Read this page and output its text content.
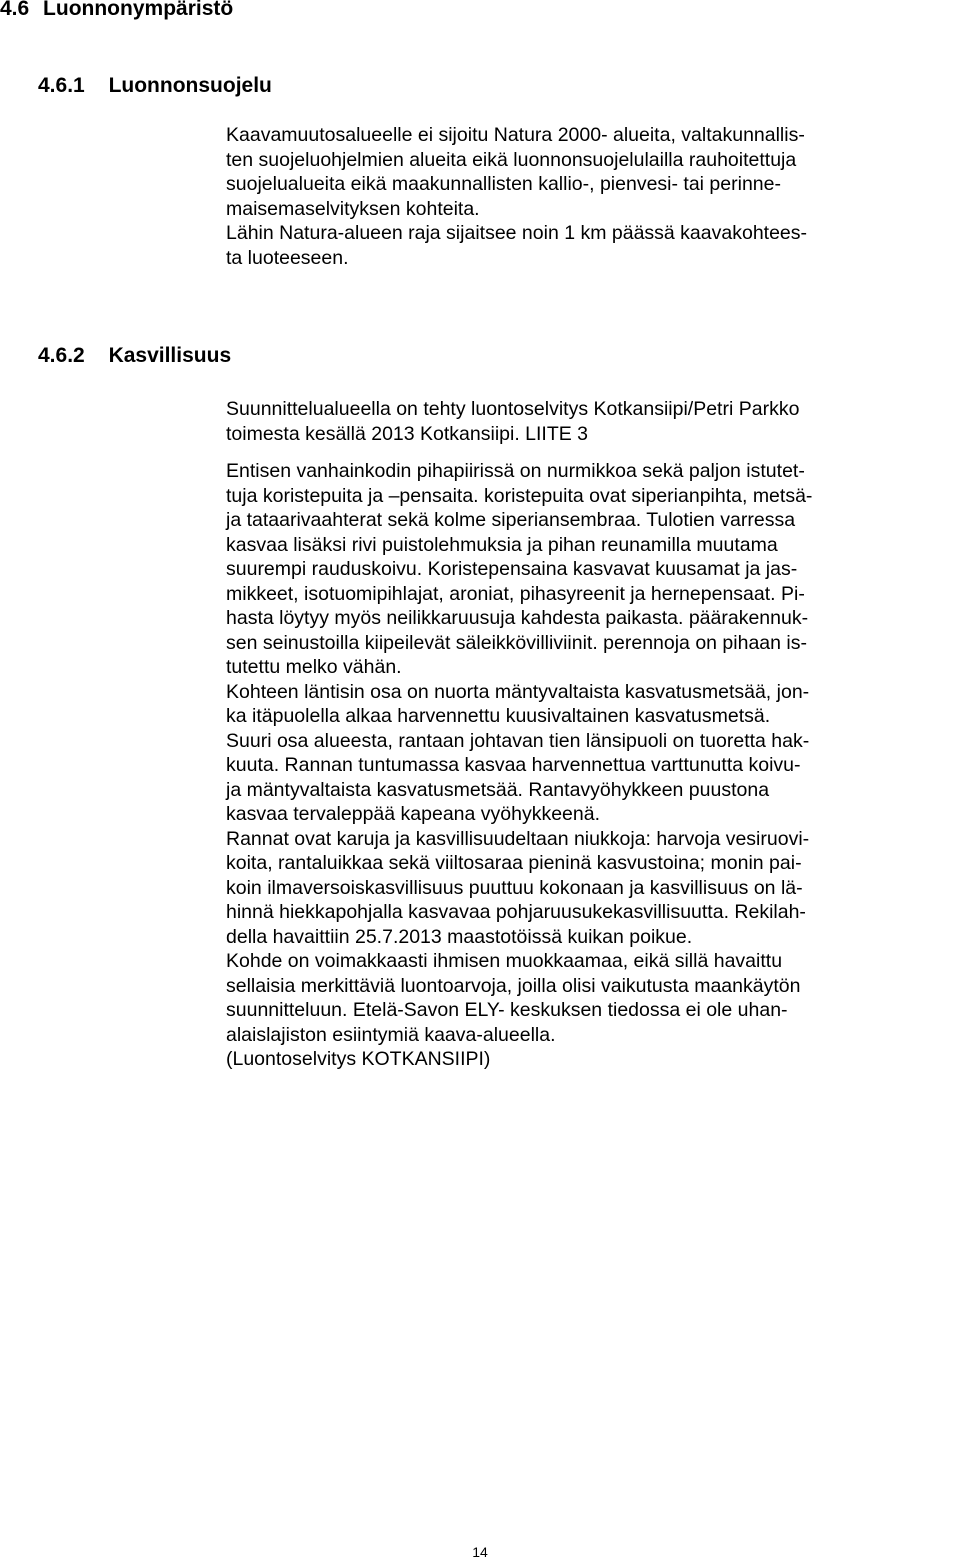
4.6 Luonnonympäristö
4.6.1 Luonnonsuojelu
Kaavamuutosalueelle ei sijoitu Natura 2000- alueita, valtakunnallis-
ten suojeluohjelmien alueita eikä luonnonsuojelulailla rauhoitettuja
suojelualueita eikä maakunnallisten kallio-, pienvesi- tai perinne-
maisemaselvityksen kohteita.
Lähin Natura-alueen raja sijaitsee noin 1 km päässä kaavakohtees-
ta luoteeseen.
4.6.2 Kasvillisuus
Suunnittelualueella on tehty luontoselvitys Kotkansiipi/Petri Parkko
toimesta kesällä 2013 Kotkansiipi. LIITE 3
Entisen vanhainkodin pihapiirissä on nurmikkoa sekä paljon istutet-
tuja koristepuita ja –pensaita. koristepuita ovat siperianpihta, metsä-
ja tataarivaahterat sekä kolme siperiansembraa. Tulotien varressa
kasvaa lisäksi rivi puistolehmuksia ja pihan reunamilla muutama
suurempi rauduskoivu. Koristepensaina kasvavat kuusamat ja jas-
mikkeet, isotuomipihlajat, aroniat, pihasyreenit ja hernepensaat. Pi-
hasta löytyy myös neilikkaruusuja kahdesta paikasta. päärakennuk-
sen seinustoilla kiipeilevät säleikkövilliviinit. perennoja on pihaan is-
tutettu melko vähän.
Kohteen läntisin osa on nuorta mäntyvaltaista kasvatusmetsää, jon-
ka itäpuolella alkaa harvennettu kuusivaltainen kasvatusmetsä.
Suuri osa alueesta, rantaan johtavan tien länsipuoli on tuoretta hak-
kuuta. Rannan tuntumassa kasvaa harvennettua varttunutta koivu-
ja mäntyvaltaista kasvatusmetsää. Rantavyöhykkeen puustona
kasvaa tervaleppää kapeana vyöhykkeenä.
Rannat ovat karuja ja kasvillisuudeltaan niukkoja: harvoja vesiruovi-
koita, rantaluikkaa sekä viiltosaraa pieninä kasvustoina; monin pai-
koin ilmaversoiskasvillisuus puuttuu kokonaan ja kasvillisuus on lä-
hinnä hiekkapohjalla kasvavaa pohjaruusukekasvillisuutta. Rekilah-
della havaittiin 25.7.2013 maastotöissä kuikan poikue.
Kohde on voimakkaasti ihmisen muokkaamaa, eikä sillä havaittu
sellaisia merkittäviä luontoarvoja, joilla olisi vaikutusta maankäytön
suunnitteluun. Etelä-Savon ELY- keskuksen tiedossa ei ole uhan-
alaislajiston esiintymiä kaava-alueella.
(Luontoselvitys KOTKANSIIPI)
14
